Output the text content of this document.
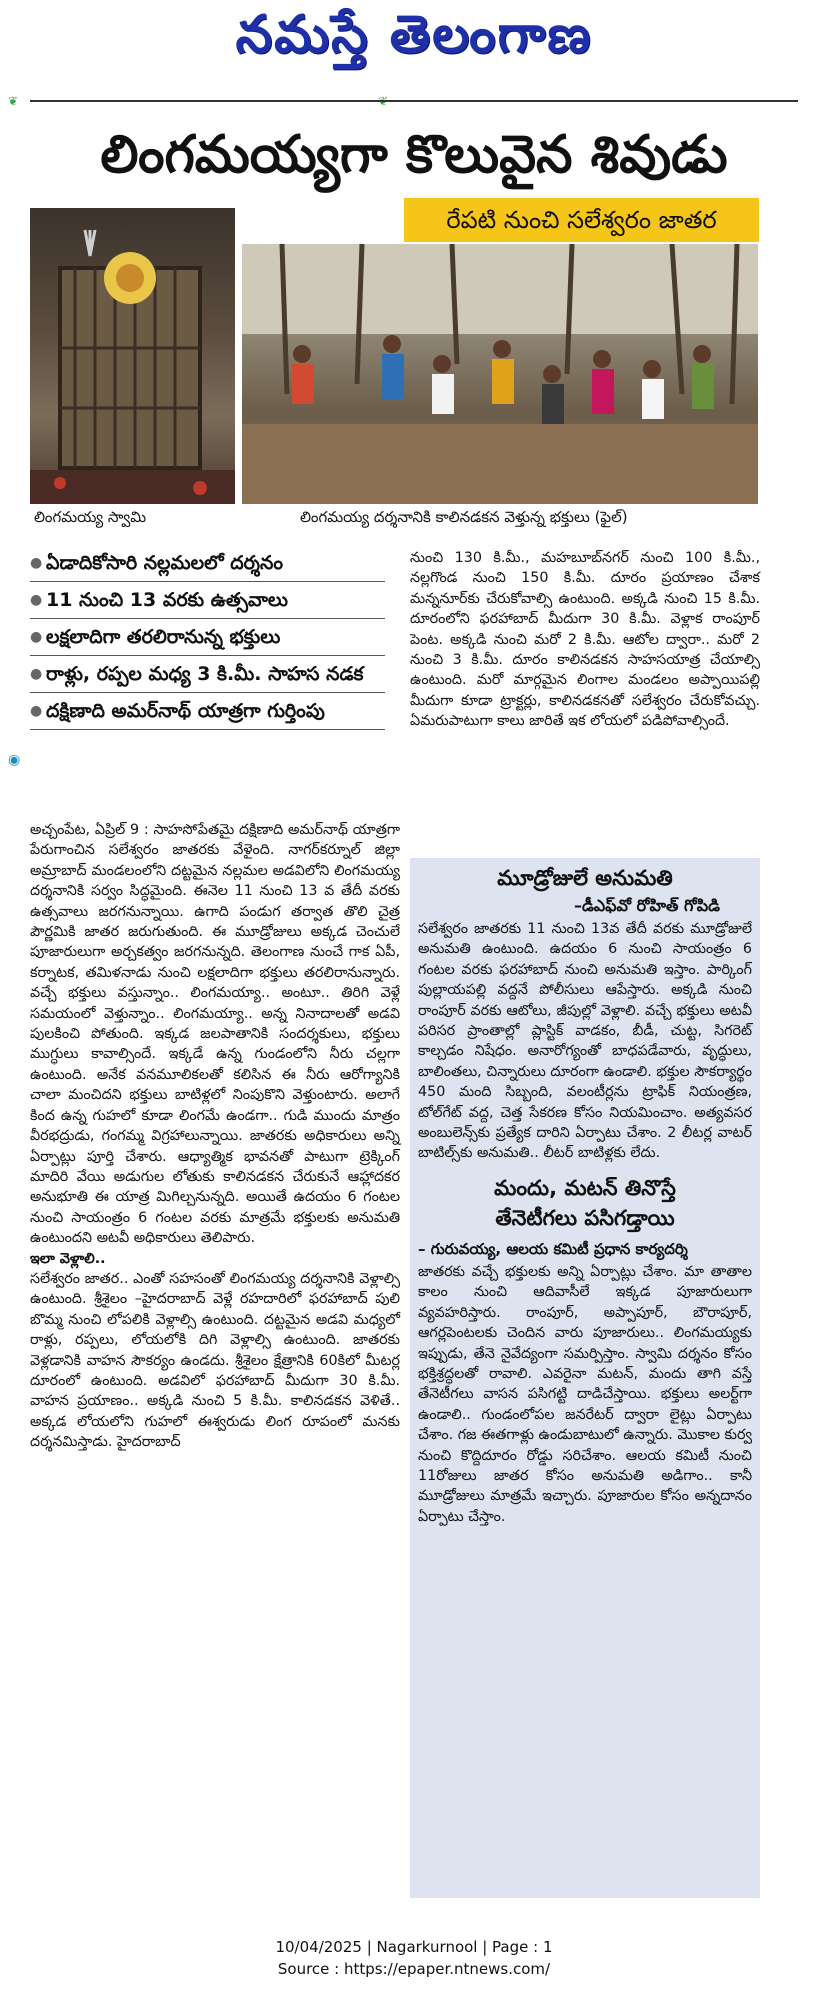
నమస్తే తెలంగాణ
❦
లింగమయ్యగా కొలువైన శివుడు
రేపటి నుంచి సలేశ్వరం జాతర
లింగమయ్య స్వామి	లింగమయ్య దర్శనానికి కాలినడకన వెళ్తున్న భక్తులు (ఫైల్)
◉
● ఏడాదికోసారి నల్లమలలో దర్శనం
● 11 నుంచి 13 వరకు ఉత్సవాలు
● లక్షలాదిగా తరలిరానున్న భక్తులు
● రాళ్లు, రప్పల మధ్య 3 కి.మీ. సాహస నడక
● దక్షిణాది అమర్‌నాథ్ యాత్రగా గుర్తింపు

అచ్చంపేట, ఏప్రిల్ 9 : సాహసోపేతమై దక్షిణాది అమర్‌నాథ్ యాత్రగా పేరుగాంచిన సలేశ్వరం జాతరకు వేళైంది. నాగర్‌కర్నూల్ జిల్లా అమ్రాబాద్ మండలంలోని దట్టమైన నల్లమల అడవిలోని లింగమయ్య దర్శనానికి సర్వం సిద్ధమైంది. ఈనెల 11 నుంచి 13 వ తేదీ వరకు ఉత్సవాలు జరగనున్నాయి. ఉగాది పండుగ తర్వాత తొలి చైత్ర పౌర్ణమికి జాతర జరుగుతుంది. ఈ మూడ్రోజులు అక్కడ చెంచులే పూజారులుగా అర్చకత్వం జరగనున్నది. తెలంగాణ నుంచే గాక ఏపీ, కర్నాటక, తమిళనాడు నుంచి లక్షలాదిగా భక్తులు తరలిరానున్నారు. వచ్చే భక్తులు వస్తున్నాం.. లింగమయ్యా.. అంటూ.. తిరిగి వెళ్లే సమయంలో వెళ్తున్నాం.. లింగమయ్యా.. అన్న నినాదాలతో అడవి పులకించి పోతుంది. ఇక్కడ జలపాతానికి సందర్శకులు, భక్తులు ముగ్ధులు కావాల్సిందే. ఇక్కడే ఉన్న గుండంలోని నీరు చల్లగా ఉంటుంది. అనేక వనమూలికలతో కలిసిన ఈ నీరు ఆరోగ్యానికి చాలా మంచిదని భక్తులు బాటిళ్లలో నింపుకొని వెళ్తుంటారు. అలాగే కింద ఉన్న గుహలో కూడా లింగమే ఉండగా.. గుడి ముందు మాత్రం వీరభద్రుడు, గంగమ్మ విగ్రహాలున్నాయి. జాతరకు అధికారులు అన్ని ఏర్పాట్లు పూర్తి చేశారు. ఆధ్యాత్మిక భావనతో పాటుగా ట్రెక్కింగ్ మాదిరి వేయి అడుగుల లోతుకు కాలినడకన చేరుకునే ఆహ్లాదకర అనుభూతి ఈ యాత్ర మిగిల్చనున్నది. అయితే ఉదయం 6 గంటల నుంచి సాయంత్రం 6 గంటల వరకు మాత్రమే భక్తులకు అనుమతి ఉంటుందని అటవీ అధికారులు తెలిపారు.

ఇలా వెళ్లాలి..

సలేశ్వరం జాతర.. ఎంతో సహసంతో లింగమయ్య దర్శనానికి వెళ్లాల్సి ఉంటుంది. శ్రీశైలం –హైదరాబాద్ వెళ్లే రహదారిలో ఫరహాబాద్ పులి బొమ్మ నుంచి లోపలికి వెళ్లాల్సి ఉంటుంది. దట్టమైన అడవి మధ్యలో రాళ్లు, రప్పలు, లోయలోకి దిగి వెళ్లాల్సి ఉంటుంది. జాతరకు వెళ్లడానికి వాహన సౌకర్యం ఉండదు. శ్రీశైలం క్షేత్రానికి 60కిలో మీటర్ల దూరంలో ఉంటుంది. అడవిలో ఫరహాబాద్ మీదుగా 30 కి.మీ. వాహన ప్రయాణం.. అక్కడి నుంచి 5 కి.మీ. కాలినడకన వెళితే.. అక్కడ లోయలోని గుహలో ఈశ్వరుడు లింగ రూపంలో మనకు దర్శనమిస్తాడు. హైదరాబాద్

నుంచి 130 కి.మీ., మహబూబ్‌నగర్ నుంచి 100 కి.మీ., నల్లగొండ నుంచి 150 కి.మీ. దూరం ప్రయాణం చేశాక మన్ననూర్‌కు చేరుకోవాల్సి ఉంటుంది. అక్కడి నుంచి 15 కి.మీ. దూరంలోని ఫరహాబాద్ మీదుగా 30 కి.మీ. వెళ్లాక రాంపూర్ పెంట. అక్కడి నుంచి మరో 2 కి.మీ. ఆటోల ద్వారా.. మరో 2 నుంచి 3 కి.మీ. దూరం కాలినడకన సాహసయాత్ర చేయాల్సి ఉంటుంది. మరో మార్గమైన లింగాల మండలం అప్పాయిపల్లి మీదుగా కూడా ట్రాక్టర్లు, కాలినడకనతో సలేశ్వరం చేరుకోవచ్చు. ఏమరుపాటుగా కాలు జారితే ఇక లోయలో పడిపోవాల్సిందే.

మూడ్రోజులే అనుమతి
–డీఎఫ్‌వో రోహిత్ గోపిడి
సలేశ్వరం జాతరకు 11 నుంచి 13వ తేదీ వరకు మూడ్రోజులే అనుమతి ఉంటుంది. ఉదయం 6 నుంచి సాయంత్రం 6 గంటల వరకు ఫరహాబాద్ నుంచి అనుమతి ఇస్తాం. పార్కింగ్ పుల్లాయపల్లి వద్దనే పోలీసులు ఆపేస్తారు. అక్కడి నుంచి రాంపూర్ వరకు ఆటోలు, జీపుల్లో వెళ్లాలి. వచ్చే భక్తులు అటవీ పరిసర ప్రాంతాల్లో ప్లాస్టిక్ వాడకం, బీడీ, చుట్ట, సిగరెట్ కాల్చడం నిషేధం. అనారోగ్యంతో బాధపడేవారు, వృద్ధులు, బాలింతలు, చిన్నారులు దూరంగా ఉండాలి. భక్తుల సౌకర్యార్థం 450 మంది సిబ్బంది, వలంటీర్లను ట్రాఫిక్ నియంత్రణ, టోల్‌గేట్ వద్ద, చెత్త సేకరణ కోసం నియమించాం. అత్యవసర అంబులెన్స్‌కు ప్రత్యేక దారిని ఏర్పాటు చేశాం. 2 లీటర్ల వాటర్ బాటిల్స్‌కు అనుమతి.. లీటర్ బాటిళ్లకు లేదు.
మందు, మటన్ తినొస్తే
తేనెటీగలు పసిగడ్తాయి
– గురువయ్య, ఆలయ కమిటీ ప్రధాన కార్యదర్శి
జాతరకు వచ్చే భక్తులకు అన్ని ఏర్పాట్లు చేశాం. మా తాతాల కాలం నుంచి ఆదివాసీలే ఇక్కడ పూజారులుగా వ్యవహరిస్తారు. రాంపూర్, అప్పాపూర్, బౌరాపూర్, ఆగర్లపెంటలకు చెందిన వారు పూజారులు.. లింగమయ్యకు ఇప్పుడు, తేనె నైవేద్యంగా సమర్పిస్తాం. స్వామి దర్శనం కోసం భక్తిశ్రద్ధలతో రావాలి. ఎవరైనా మటన్, మందు తాగి వస్తే తేనెటీగలు వాసన పసిగట్టి దాడిచేస్తాయి. భక్తులు అలర్ట్‌గా ఉండాలి.. గుండంలోపల జనరేటర్ ద్వారా లైట్లు ఏర్పాటు చేశాం. గజ ఈతగాళ్లు ఉండుబాటులో ఉన్నారు. మొకాల కుర్వ నుంచి కొద్దిదూరం రోడ్డు సరిచేశాం. ఆలయ కమిటీ నుంచి 11రోజులు జాతర కోసం అనుమతి అడిగాం.. కానీ మూడ్రోజులు మాత్రమే ఇచ్చారు. పూజారుల కోసం అన్నదానం ఏర్పాటు చేస్తాం.
10/04/2025 | Nagarkurnool | Page : 1
Source : https://epaper.ntnews.com/
